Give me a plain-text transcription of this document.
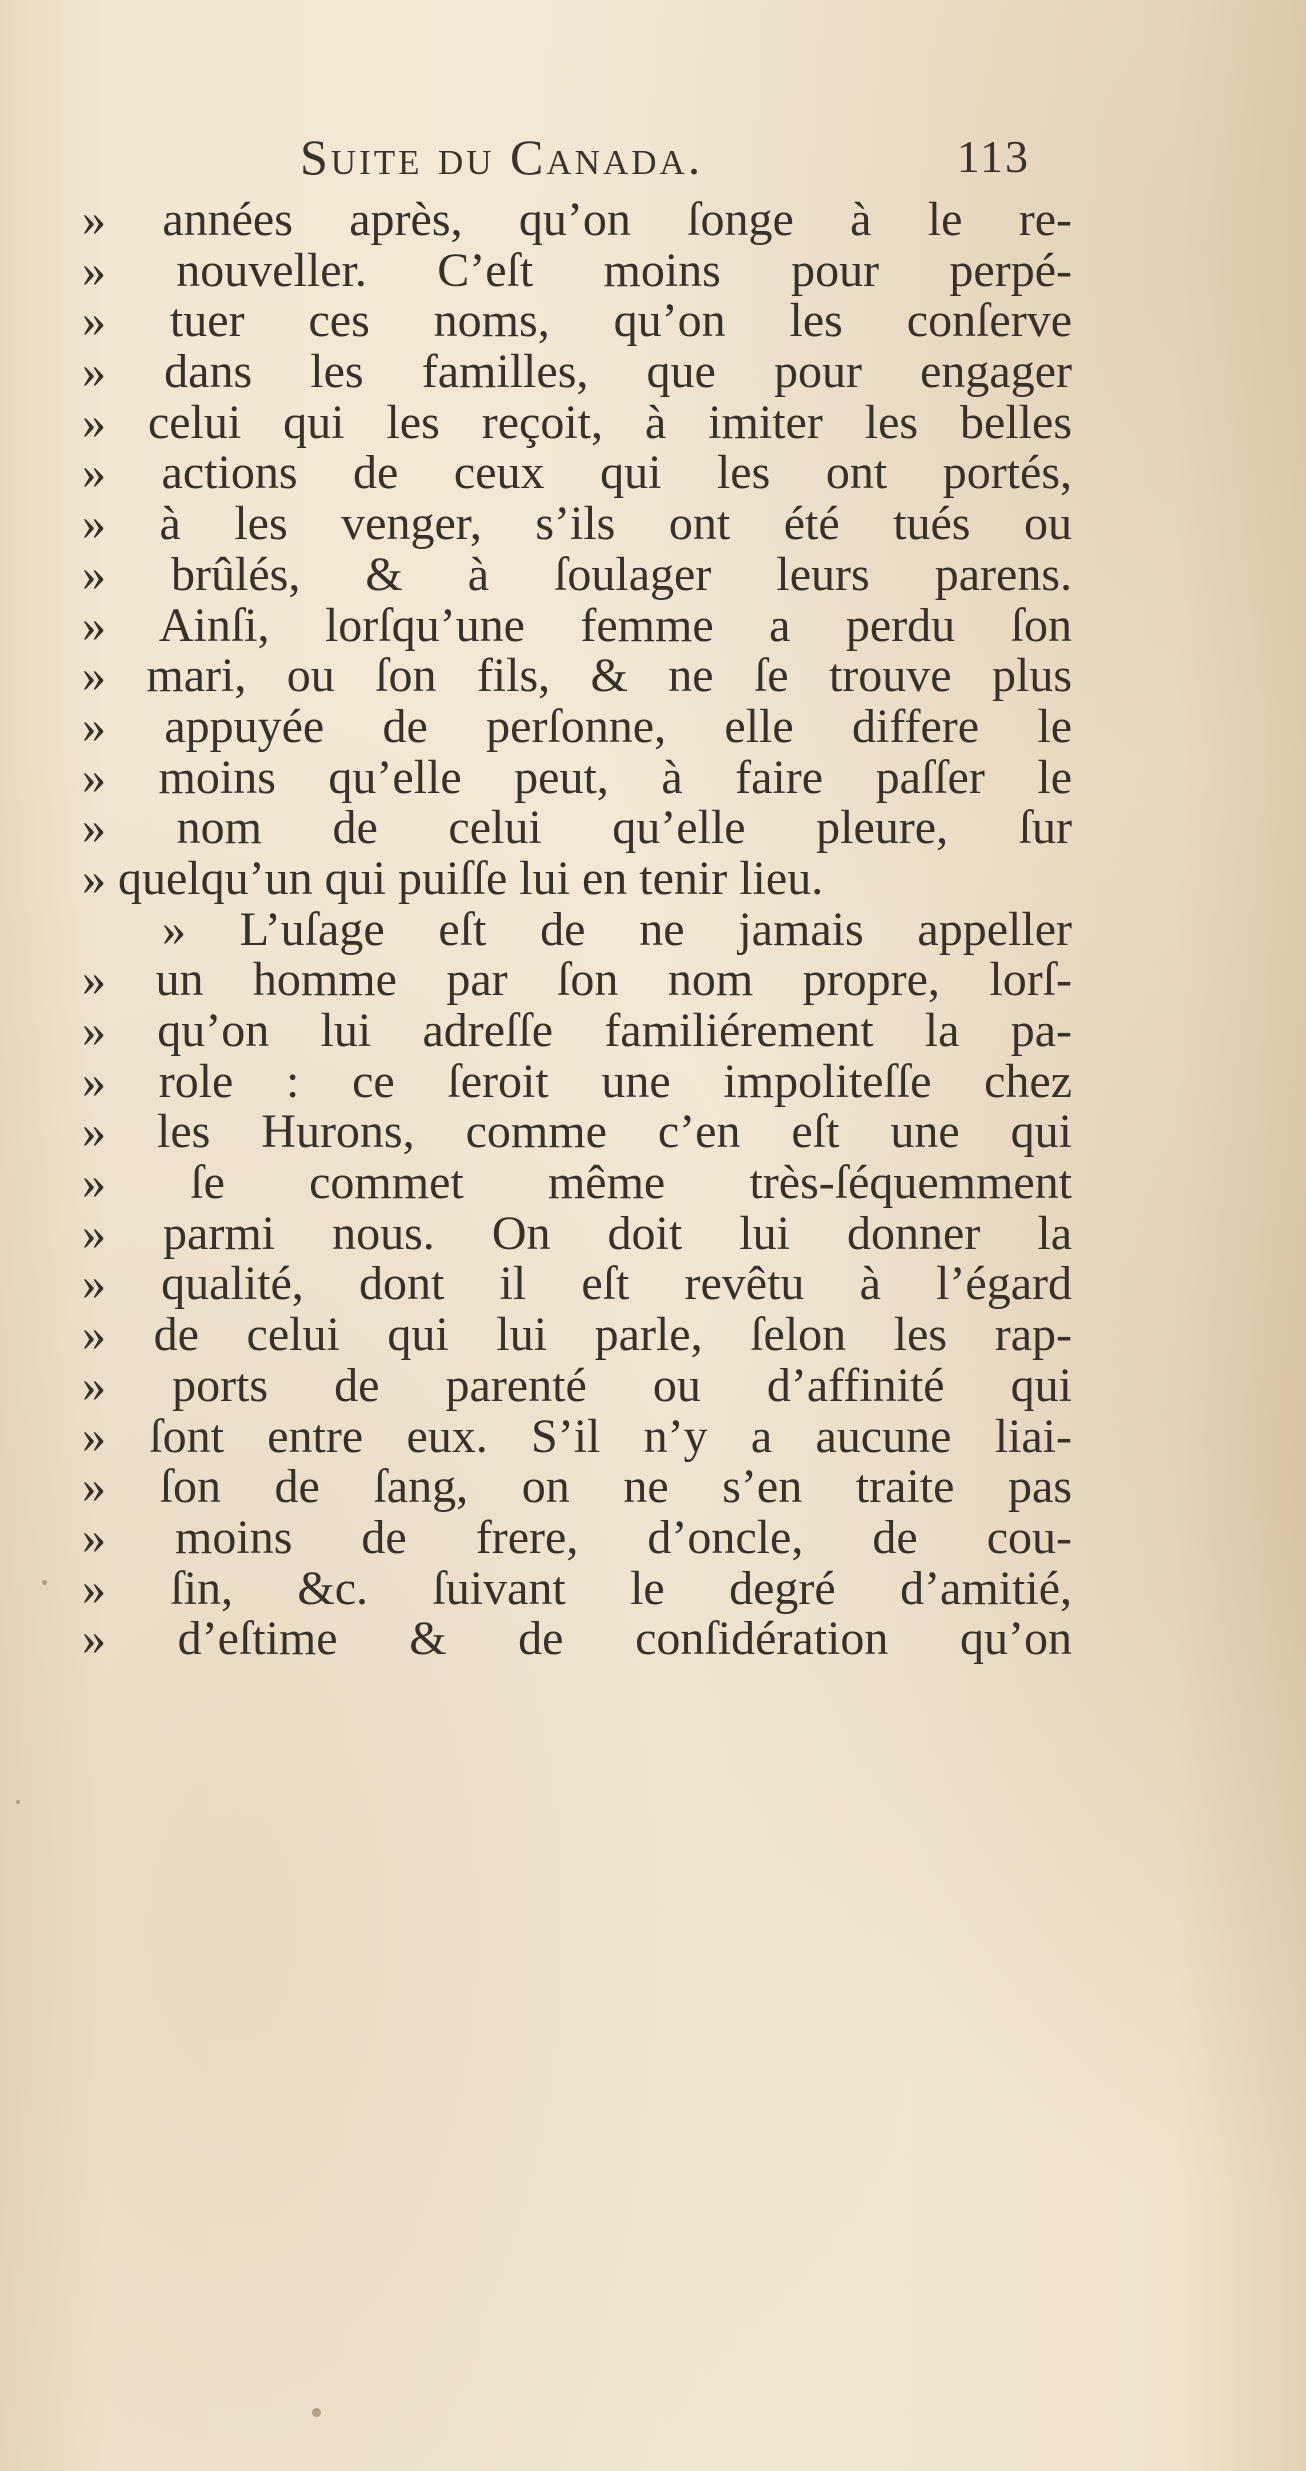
Suite du Canada.	113
» années après, qu’on ſonge à le re-
» nouveller. C’eſt moins pour perpé-
» tuer ces noms, qu’on les conſerve
» dans les familles, que pour engager
» celui qui les reçoit, à imiter les belles
» actions de ceux qui les ont portés,
» à les venger, s’ils ont été tués ou
» brûlés, & à ſoulager leurs parens.
» Ainſi, lorſqu’une femme a perdu ſon
» mari, ou ſon fils, & ne ſe trouve plus
» appuyée de perſonne, elle differe le
» moins qu’elle peut, à faire paſſer le
» nom de celui qu’elle pleure, ſur
» quelqu’un qui puiſſe lui en tenir lieu.
» L’uſage eſt de ne jamais appeller
» un homme par ſon nom propre, lorſ-
» qu’on lui adreſſe familiérement la pa-
» role : ce ſeroit une impoliteſſe chez
» les Hurons, comme c’en eſt une qui
» ſe commet même très-ſéquemment
» parmi nous. On doit lui donner la
» qualité, dont il eſt revêtu à l’égard
» de celui qui lui parle, ſelon les rap-
» ports de parenté ou d’affinité qui
» ſont entre eux. S’il n’y a aucune liai-
» ſon de ſang, on ne s’en traite pas
» moins de frere, d’oncle, de cou-
» ſin, &c. ſuivant le degré d’amitié,
» d’eſtime & de conſidération qu’on
